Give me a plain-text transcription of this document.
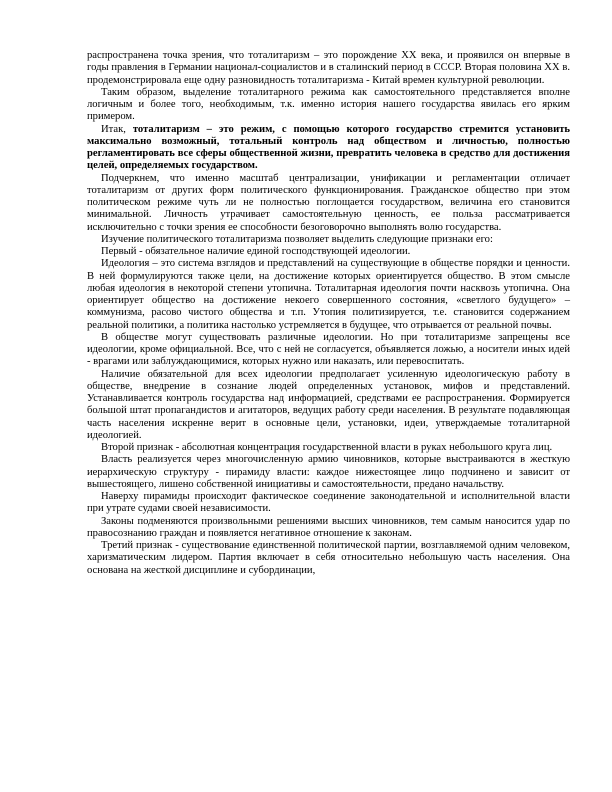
распространена точка зрения, что тоталитаризм – это порождение XX века, и проявился он впервые в годы правления в Германии национал-социалистов и в сталинский период в СССР. Вторая половина XX в. продемонстрировала еще одну разновидность тоталитаризма - Китай времен культурной революции.

Таким образом, выделение тоталитарного режима как самостоятельного представляется вполне логичным и более того, необходимым, т.к. именно история нашего государства явилась его ярким примером.

Итак, тоталитаризм – это режим, с помощью которого государство стремится установить максимально возможный, тотальный контроль над обществом и личностью, полностью регламентировать все сферы общественной жизни, превратить человека в средство для достижения целей, определяемых государством.

Подчеркнем, что именно масштаб централизации, унификации и регламентации отличает тоталитаризм от других форм политического функционирования. Гражданское общество при этом политическом режиме чуть ли не полностью поглощается государством, величина его становится минимальной. Личность утрачивает самостоятельную ценность, ее польза рассматривается исключительно с точки зрения ее способности безоговорочно выполнять волю государства.

Изучение политического тоталитаризма позволяет выделить следующие признаки его:

Первый - обязательное наличие единой господствующей идеологии.

Идеология – это система взглядов и представлений на существующие в обществе порядки и ценности. В ней формулируются также цели, на достижение которых ориентируется общество. В этом смысле любая идеология в некоторой степени утопична. Тоталитарная идеология почти насквозь утопична. Она ориентирует общество на достижение некоего совершенного состояния, «светлого будущего» – коммунизма, расово чистого общества и т.п. Утопия политизируется, т.е. становится содержанием реальной политики, а политика настолько устремляется в будущее, что отрывается от реальной почвы.

В обществе могут существовать различные идеологии. Но при тоталитаризме запрещены все идеологии, кроме официальной. Все, что с ней не согласуется, объявляется ложью, а носители иных идей - врагами или заблуждающимися, которых нужно или наказать, или перевоспитать.

Наличие обязательной для всех идеологии предполагает усиленную идеологическую работу в обществе, внедрение в сознание людей определенных установок, мифов и представлений. Устанавливается контроль государства над информацией, средствами ее распространения. Формируется большой штат пропагандистов и агитаторов, ведущих работу среди населения. В результате подавляющая часть населения искренне верит в основные цели, установки, идеи, утверждаемые тоталитарной идеологией.

Второй признак - абсолютная концентрация государственной власти в руках небольшого круга лиц.

Власть реализуется через многочисленную армию чиновников, которые выстраиваются в жесткую иерархическую структуру - пирамиду власти: каждое нижестоящее лицо подчинено и зависит от вышестоящего, лишено собственной инициативы и самостоятельности, предано начальству.

Наверху пирамиды происходит фактическое соединение законодательной и исполнительной власти при утрате судами своей независимости.

Законы подменяются произвольными решениями высших чиновников, тем самым наносится удар по правосознанию граждан и появляется негативное отношение к законам.

Третий признак - существование единственной политической партии, возглавляемой одним человеком, харизматическим лидером. Партия включает в себя относительно небольшую часть населения. Она основана на жесткой дисциплине и субординации,
